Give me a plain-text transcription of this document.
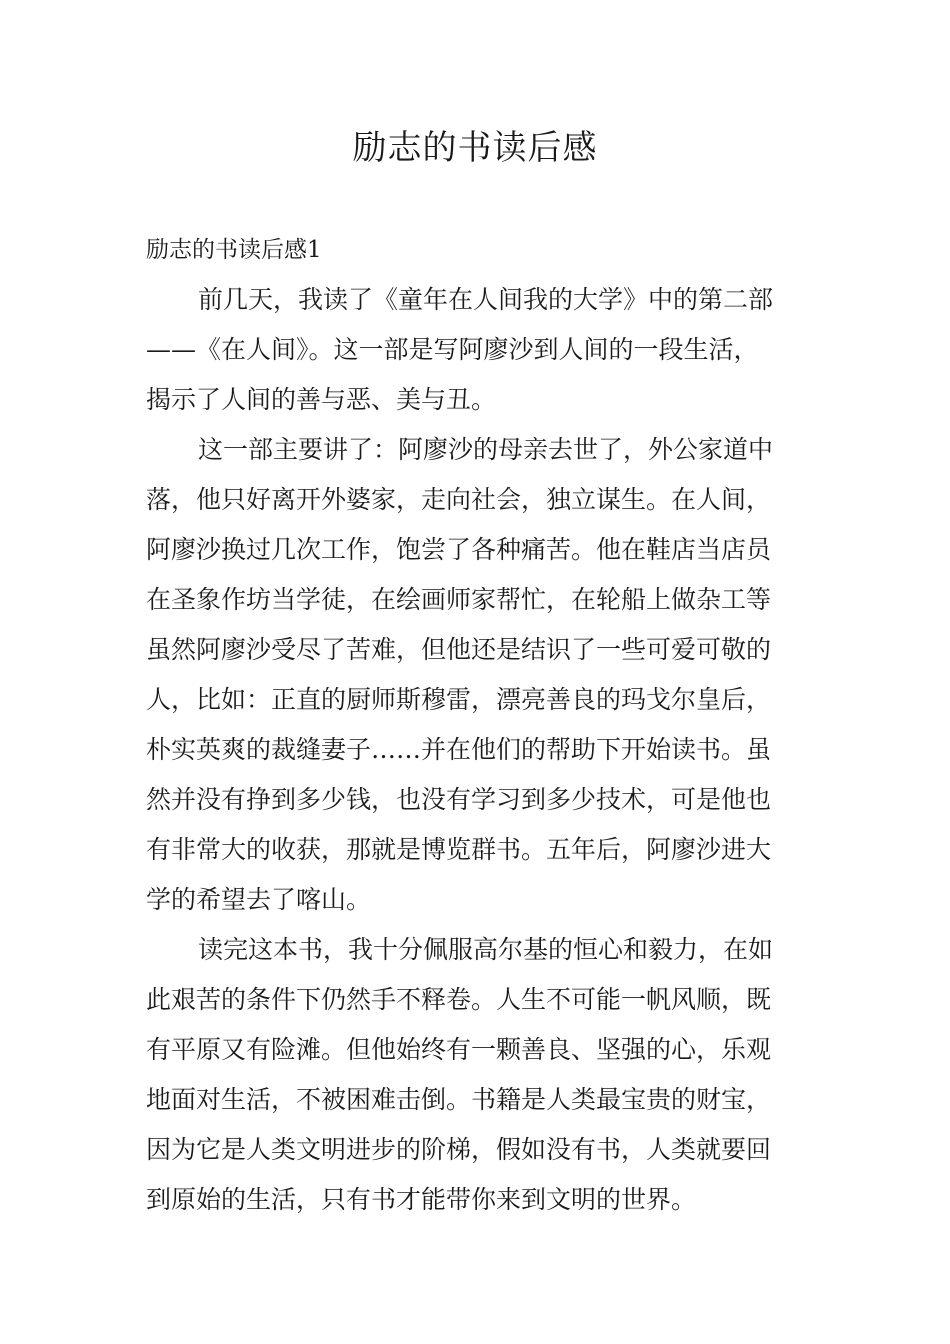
励志的书读后感
励志的书读后感1
前几天，我读了《童年在人间我的大学》中的第二部
——《在人间》。这一部是写阿廖沙到人间的一段生活，
揭示了人间的善与恶、美与丑。
这一部主要讲了：阿廖沙的母亲去世了，外公家道中
落，他只好离开外婆家，走向社会，独立谋生。在人间，
阿廖沙换过几次工作，饱尝了各种痛苦。他在鞋店当店员
在圣象作坊当学徒，在绘画师家帮忙，在轮船上做杂工等
虽然阿廖沙受尽了苦难，但他还是结识了一些可爱可敬的
人，比如：正直的厨师斯穆雷，漂亮善良的玛戈尔皇后，
朴实英爽的裁缝妻子……并在他们的帮助下开始读书。虽
然并没有挣到多少钱，也没有学习到多少技术，可是他也
有非常大的收获，那就是博览群书。五年后，阿廖沙进大
学的希望去了喀山。
读完这本书，我十分佩服高尔基的恒心和毅力，在如
此艰苦的条件下仍然手不释卷。人生不可能一帆风顺，既
有平原又有险滩。但他始终有一颗善良、坚强的心，乐观
地面对生活，不被困难击倒。书籍是人类最宝贵的财宝，
因为它是人类文明进步的阶梯，假如没有书，人类就要回
到原始的生活，只有书才能带你来到文明的世界。
